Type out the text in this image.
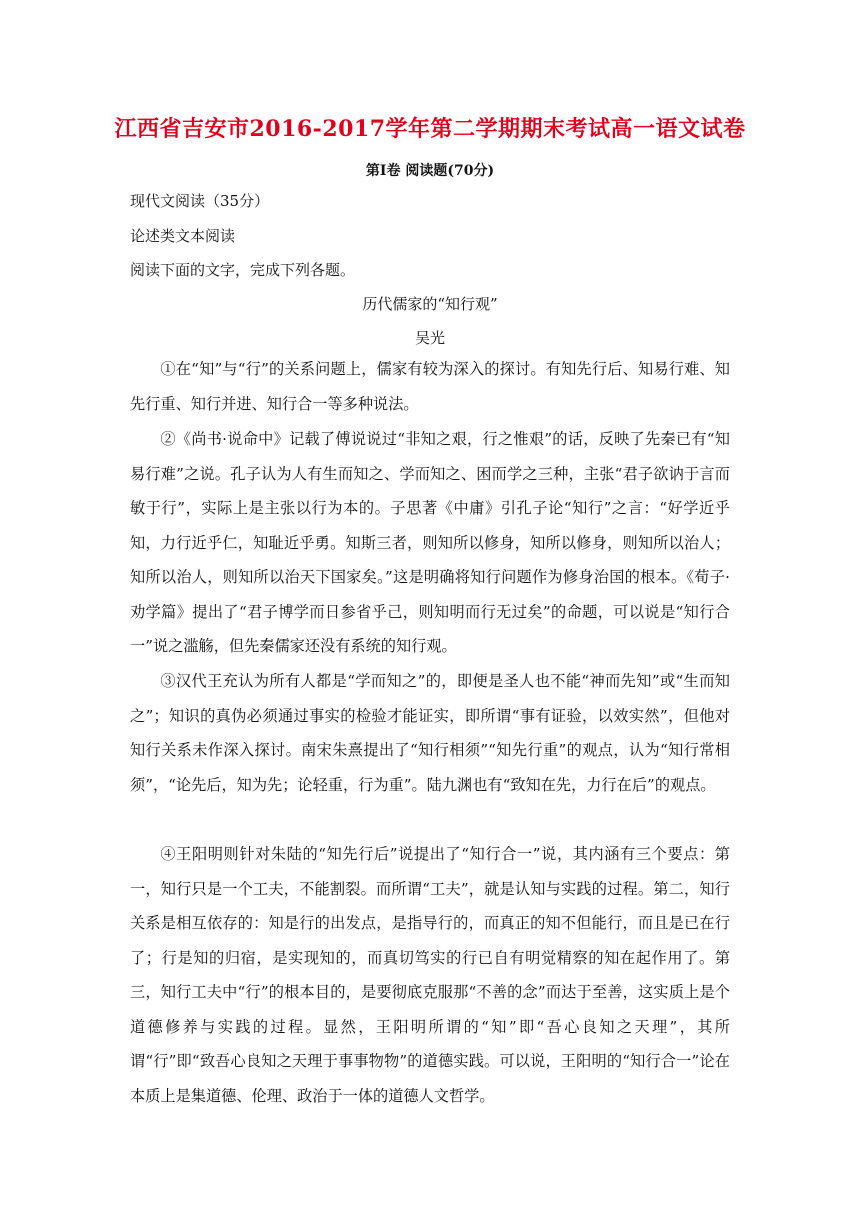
江西省吉安市2016-2017学年第二学期期末考试高一语文试卷
第Ⅰ卷 阅读题(70分)
现代文阅读（35分）
论述类文本阅读
阅读下面的文字，完成下列各题。
历代儒家的“知行观”
吴光

①在“知”与“行”的关系问题上，儒家有较为深入的探讨。有知先行后、知易行难、知先行重、知行并进、知行合一等多种说法。

②《尚书·说命中》记载了傅说说过“非知之艰，行之惟艰”的话，反映了先秦已有“知易行难”之说。孔子认为人有生而知之、学而知之、困而学之三种，主张“君子欲讷于言而敏于行”，实际上是主张以行为本的。子思著《中庸》引孔子论“知行”之言：“好学近乎知，力行近乎仁，知耻近乎勇。知斯三者，则知所以修身，知所以修身，则知所以治人；知所以治人，则知所以治天下国家矣。”这是明确将知行问题作为修身治国的根本。《荀子·劝学篇》提出了“君子博学而日参省乎己，则知明而行无过矣”的命题，可以说是“知行合一”说之滥觞，但先秦儒家还没有系统的知行观。

③汉代王充认为所有人都是“学而知之”的，即便是圣人也不能“神而先知”或“生而知之”；知识的真伪必须通过事实的检验才能证实，即所谓“事有证验，以效实然”，但他对知行关系未作深入探讨。南宋朱熹提出了“知行相须”“知先行重”的观点，认为“知行常相须”，“论先后，知为先；论轻重，行为重”。陆九渊也有“致知在先，力行在后”的观点。

④王阳明则针对朱陆的“知先行后”说提出了“知行合一”说，其内涵有三个要点：第一，知行只是一个工夫，不能割裂。而所谓“工夫”，就是认知与实践的过程。第二，知行关系是相互依存的：知是行的出发点，是指导行的，而真正的知不但能行，而且是已在行了；行是知的归宿，是实现知的，而真切笃实的行已自有明觉精察的知在起作用了。第三，知行工夫中“行”的根本目的，是要彻底克服那“不善的念”而达于至善，这实质上是个道德修养与实践的过程。显然，王阳明所谓的“知”即“吾心良知之天理”，其所谓“行”即“致吾心良知之天理于事事物物”的道德实践。可以说，王阳明的“知行合一”论在本质上是集道德、伦理、政治于一体的道德人文哲学。
